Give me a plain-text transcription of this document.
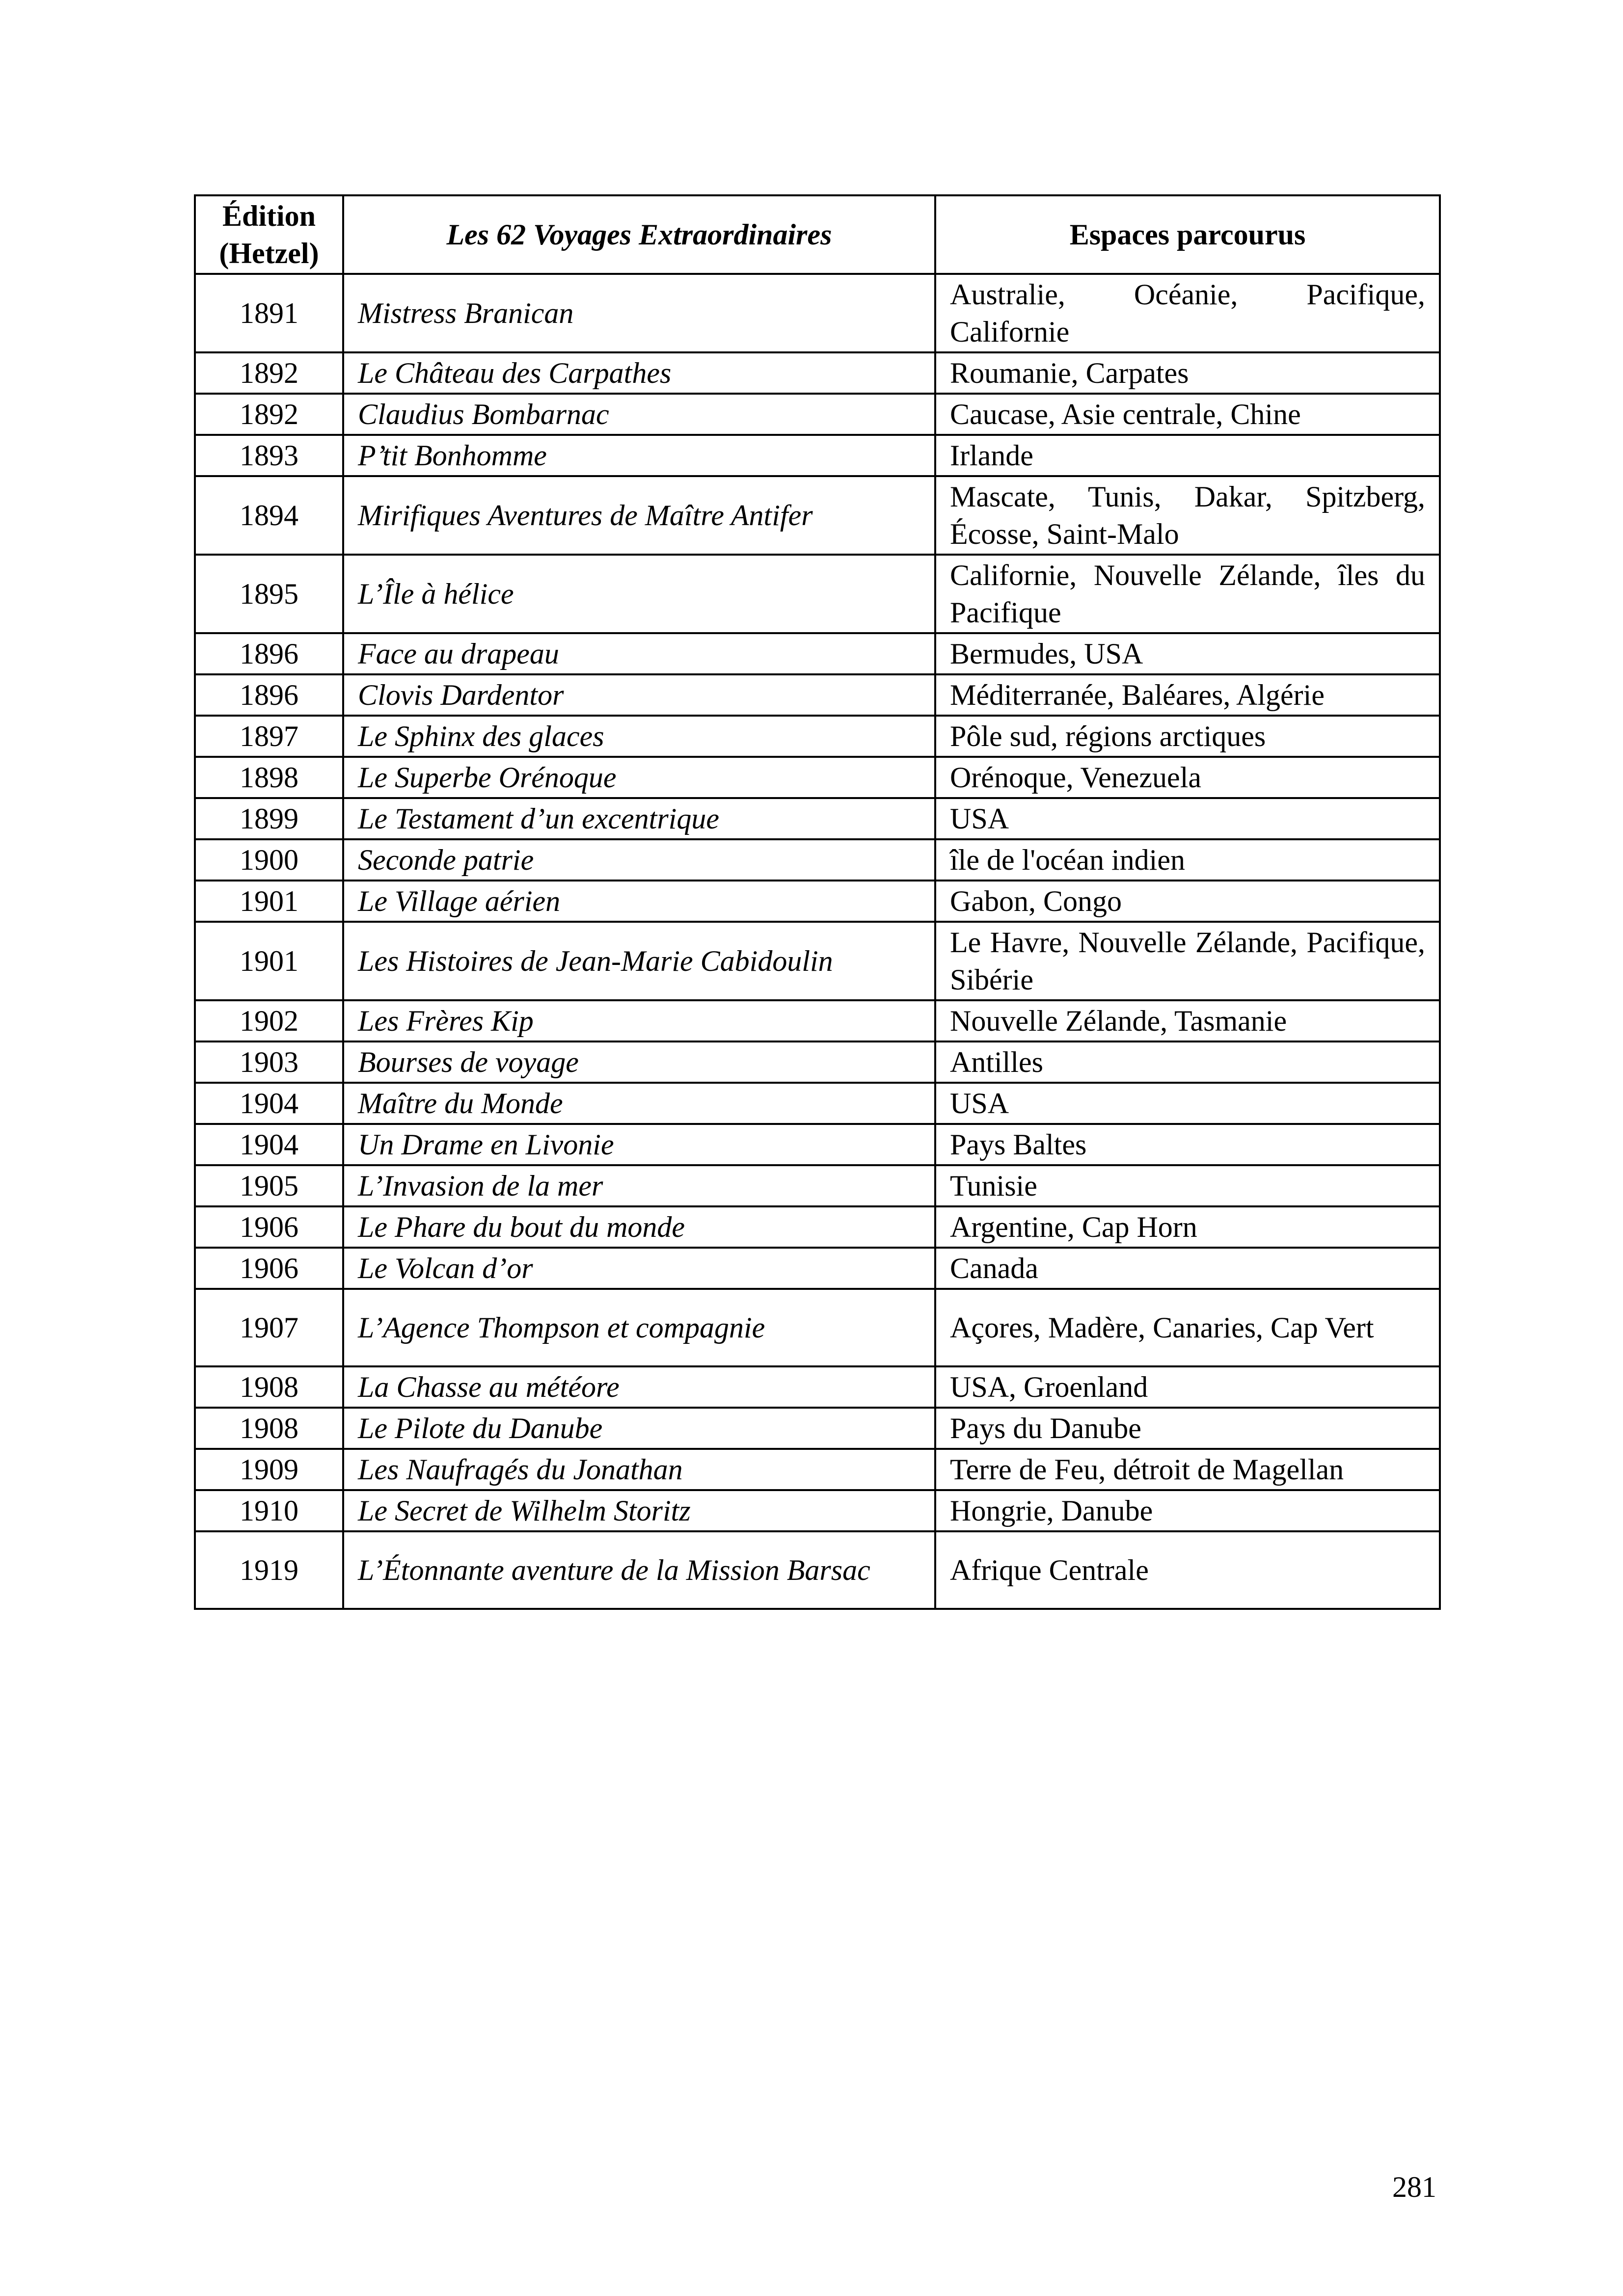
Édition (Hetzel)	Les 62 Voyages Extraordinaires	Espaces parcourus
1891	Mistress Branican	Australie, Océanie, Pacifique, Californie
1892	Le Château des Carpathes	Roumanie, Carpates
1892	Claudius Bombarnac	Caucase, Asie centrale, Chine
1893	P’tit Bonhomme	Irlande
1894	Mirifiques Aventures de Maître Antifer	Mascate, Tunis, Dakar, Spitzberg, Écosse, Saint-Malo
1895	L’Île à hélice	Californie, Nouvelle Zélande, îles du Pacifique
1896	Face au drapeau	Bermudes, USA
1896	Clovis Dardentor	Méditerranée, Baléares, Algérie
1897	Le Sphinx des glaces	Pôle sud, régions arctiques
1898	Le Superbe Orénoque	Orénoque, Venezuela
1899	Le Testament d’un excentrique	USA
1900	Seconde patrie	île de l'océan indien
1901	Le Village aérien	Gabon, Congo
1901	Les Histoires de Jean-Marie Cabidoulin	Le Havre, Nouvelle Zélande, Pacifique, Sibérie
1902	Les Frères Kip	Nouvelle Zélande, Tasmanie
1903	Bourses de voyage	Antilles
1904	Maître du Monde	USA
1904	Un Drame en Livonie	Pays Baltes
1905	L’Invasion de la mer	Tunisie
1906	Le Phare du bout du monde	Argentine, Cap Horn
1906	Le Volcan d’or	Canada
1907	L’Agence Thompson et compagnie	Açores, Madère, Canaries, Cap Vert
1908	La Chasse au météore	USA, Groenland
1908	Le Pilote du Danube	Pays du Danube
1909	Les Naufragés du Jonathan	Terre de Feu, détroit de Magellan
1910	Le Secret de Wilhelm Storitz	Hongrie, Danube
1919	L’Étonnante aventure de la Mission Barsac	Afrique Centrale
281
